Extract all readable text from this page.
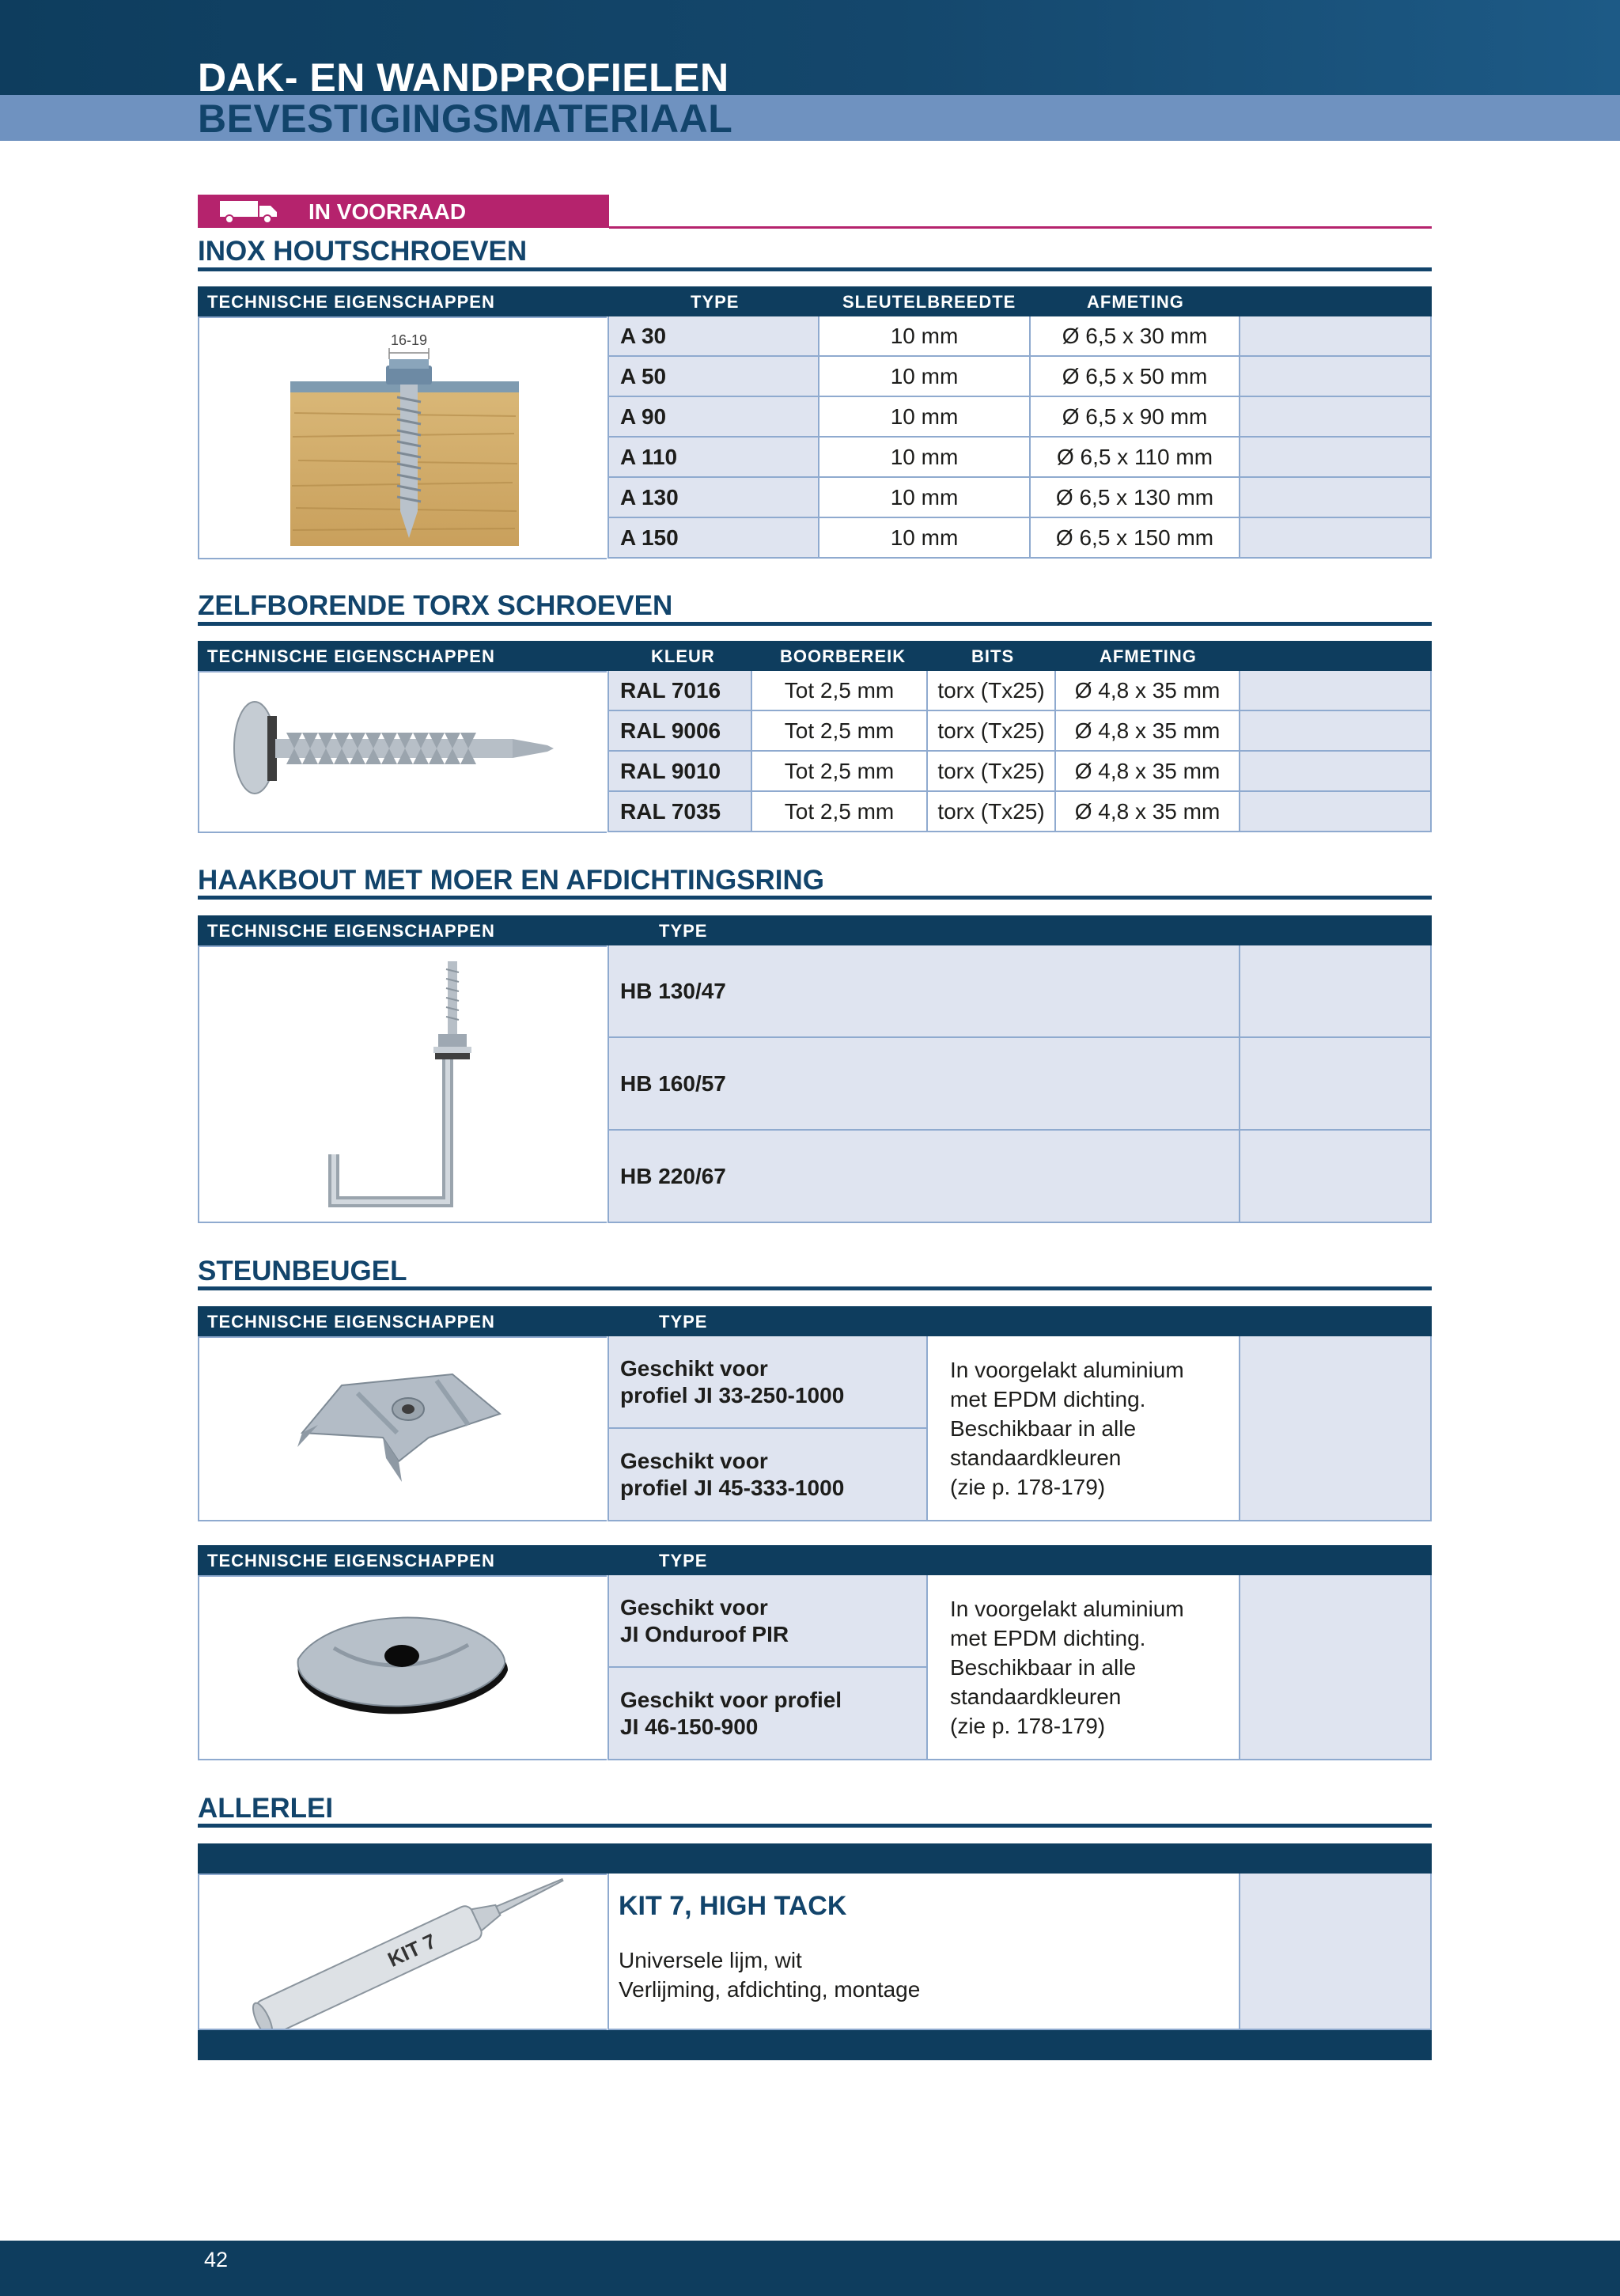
DAK- EN WANDPROFIELEN
BEVESTIGINGSMATERIAAL
IN VOORRAAD
INOX HOUTSCHROEVEN
TECHNISCHE EIGENSCHAPPEN	TYPE	SLEUTELBREEDTE	AFMETING
16-19	A 30	10 mm	Ø 6,5 x 30 mm
A 50	10 mm	Ø 6,5 x 50 mm
A 90	10 mm	Ø 6,5 x 90 mm
A 110	10 mm	Ø 6,5 x 110 mm
A 130	10 mm	Ø 6,5 x 130 mm
A 150	10 mm	Ø 6,5 x 150 mm
ZELFBORENDE TORX SCHROEVEN
TECHNISCHE EIGENSCHAPPEN	KLEUR	BOORBEREIK	BITS	AFMETING
RAL 7016	Tot 2,5 mm	torx (Tx25)	Ø 4,8 x 35 mm
RAL 9006	Tot 2,5 mm	torx (Tx25)	Ø 4,8 x 35 mm
RAL 9010	Tot 2,5 mm	torx (Tx25)	Ø 4,8 x 35 mm
RAL 7035	Tot 2,5 mm	torx (Tx25)	Ø 4,8 x 35 mm
HAAKBOUT MET MOER EN AFDICHTINGSRING
TECHNISCHE EIGENSCHAPPEN	TYPE
HB 130/47
HB 160/57
HB 220/67
STEUNBEUGEL
TECHNISCHE EIGENSCHAPPEN	TYPE
Geschikt voor
profiel JI 33-250-1000
Geschikt voor
profiel JI 45-333-1000
In voorgelakt aluminium
met EPDM dichting.
Beschikbaar in alle
standaardkleuren
(zie p. 178-179)
TECHNISCHE EIGENSCHAPPEN	TYPE
Geschikt voor
JI Onduroof PIR
Geschikt voor profiel
JI 46-150-900
In voorgelakt aluminium
met EPDM dichting.
Beschikbaar in alle
standaardkleuren
(zie p. 178-179)
ALLERLEI
KIT 7
KIT 7, HIGH TACK
Universele lijm, wit
Verlijming, afdichting, montage
42
